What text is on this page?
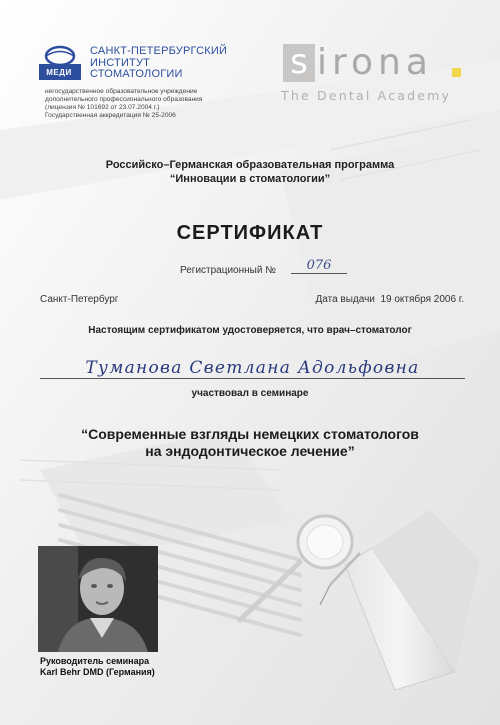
МЕДИ
САНКТ-ПЕТЕРБУРГСКИЙ
ИНСТИТУТ
СТОМАТОЛОГИИ
негосударственное образовательное учреждение
дополнительного профессионального образования
(лицензия № 101692 от 23.07.2004 г.)
Государственная аккредитация № 25-2006
s irona
The Dental Academy
Российско–Германская образовательная программа
“Инновации в стоматологии”
СЕРТИФИКАТ
Регистрационный №	076
Санкт-Петербург	Дата выдачи 19 октября 2006 г.
Настоящим сертификатом удостоверяется, что врач–стоматолог
Туманова Светлана Адольфовна
участвовал в семинаре
“Современные взгляды немецких стоматологов
на эндодонтическое лечение”
Руководитель семинара
Karl Behr DMD (Германия)
